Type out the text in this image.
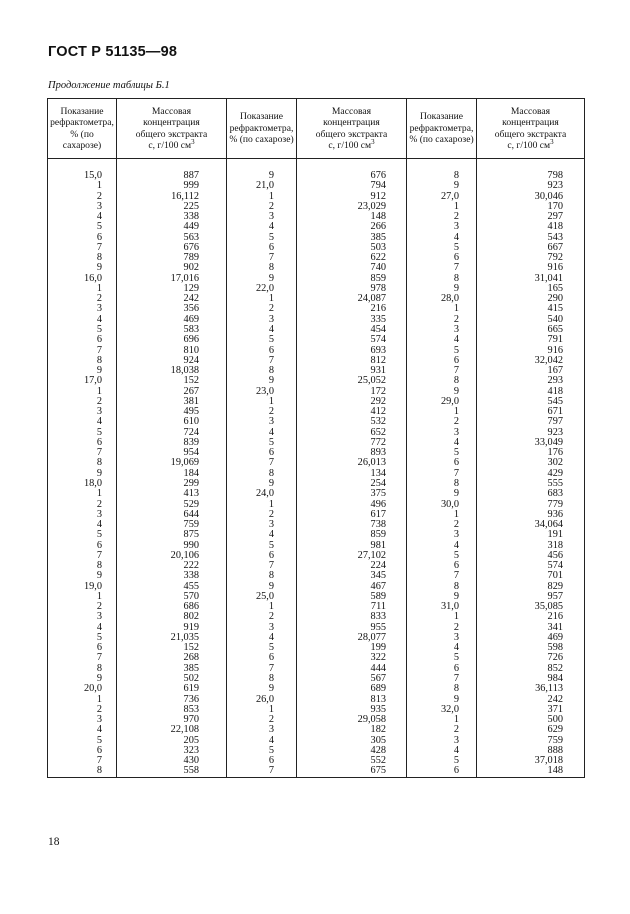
ГОСТ Р 51135—98
Продолжение таблицы Б.1
Показание
рефрактометра,
% (по сахарозе)	Массовая
концентрация
общего экстракта
c, г/100 $см^3$	Показание
рефрактометра,
% (по сахарозе)	Массовая
концентрация
общего экстракта
c, г/100 $см^3$	Показание
рефрактометра,
% (по сахарозе)	Массовая
концентрация
общего экстракта
c, г/100 $см^3$

15,0	887	9	676	8	798
1	999	21,0	794	9	923
2	16,112	1	912	27,0	30,046
3	225	2	23,029	1	170
4	338	3	148	2	297
5	449	4	266	3	418
6	563	5	385	4	543
7	676	6	503	5	667
8	789	7	622	6	792
9	902	8	740	7	916
16,0	17,016	9	859	8	31,041
1	129	22,0	978	9	165
2	242	1	24,087	28,0	290
3	356	2	216	1	415
4	469	3	335	2	540
5	583	4	454	3	665
6	696	5	574	4	791
7	810	6	693	5	916
8	924	7	812	6	32,042
9	18,038	8	931	7	167
17,0	152	9	25,052	8	293
1	267	23,0	172	9	418
2	381	1	292	29,0	545
3	495	2	412	1	671
4	610	3	532	2	797
5	724	4	652	3	923
6	839	5	772	4	33,049
7	954	6	893	5	176
8	19,069	7	26,013	6	302
9	184	8	134	7	429
18,0	299	9	254	8	555
1	413	24,0	375	9	683
2	529	1	496	30,0	779
3	644	2	617	1	936
4	759	3	738	2	34,064
5	875	4	859	3	191
6	990	5	981	4	318
7	20,106	6	27,102	5	456
8	222	7	224	6	574
9	338	8	345	7	701
19,0	455	9	467	8	829
1	570	25,0	589	9	957
2	686	1	711	31,0	35,085
3	802	2	833	1	216
4	919	3	955	2	341
5	21,035	4	28,077	3	469
6	152	5	199	4	598
7	268	6	322	5	726
8	385	7	444	6	852
9	502	8	567	7	984
20,0	619	9	689	8	36,113
1	736	26,0	813	9	242
2	853	1	935	32,0	371
3	970	2	29,058	1	500
4	22,108	3	182	2	629
5	205	4	305	3	759
6	323	5	428	4	888
7	430	6	552	5	37,018
8	558	7	675	6	148
18
